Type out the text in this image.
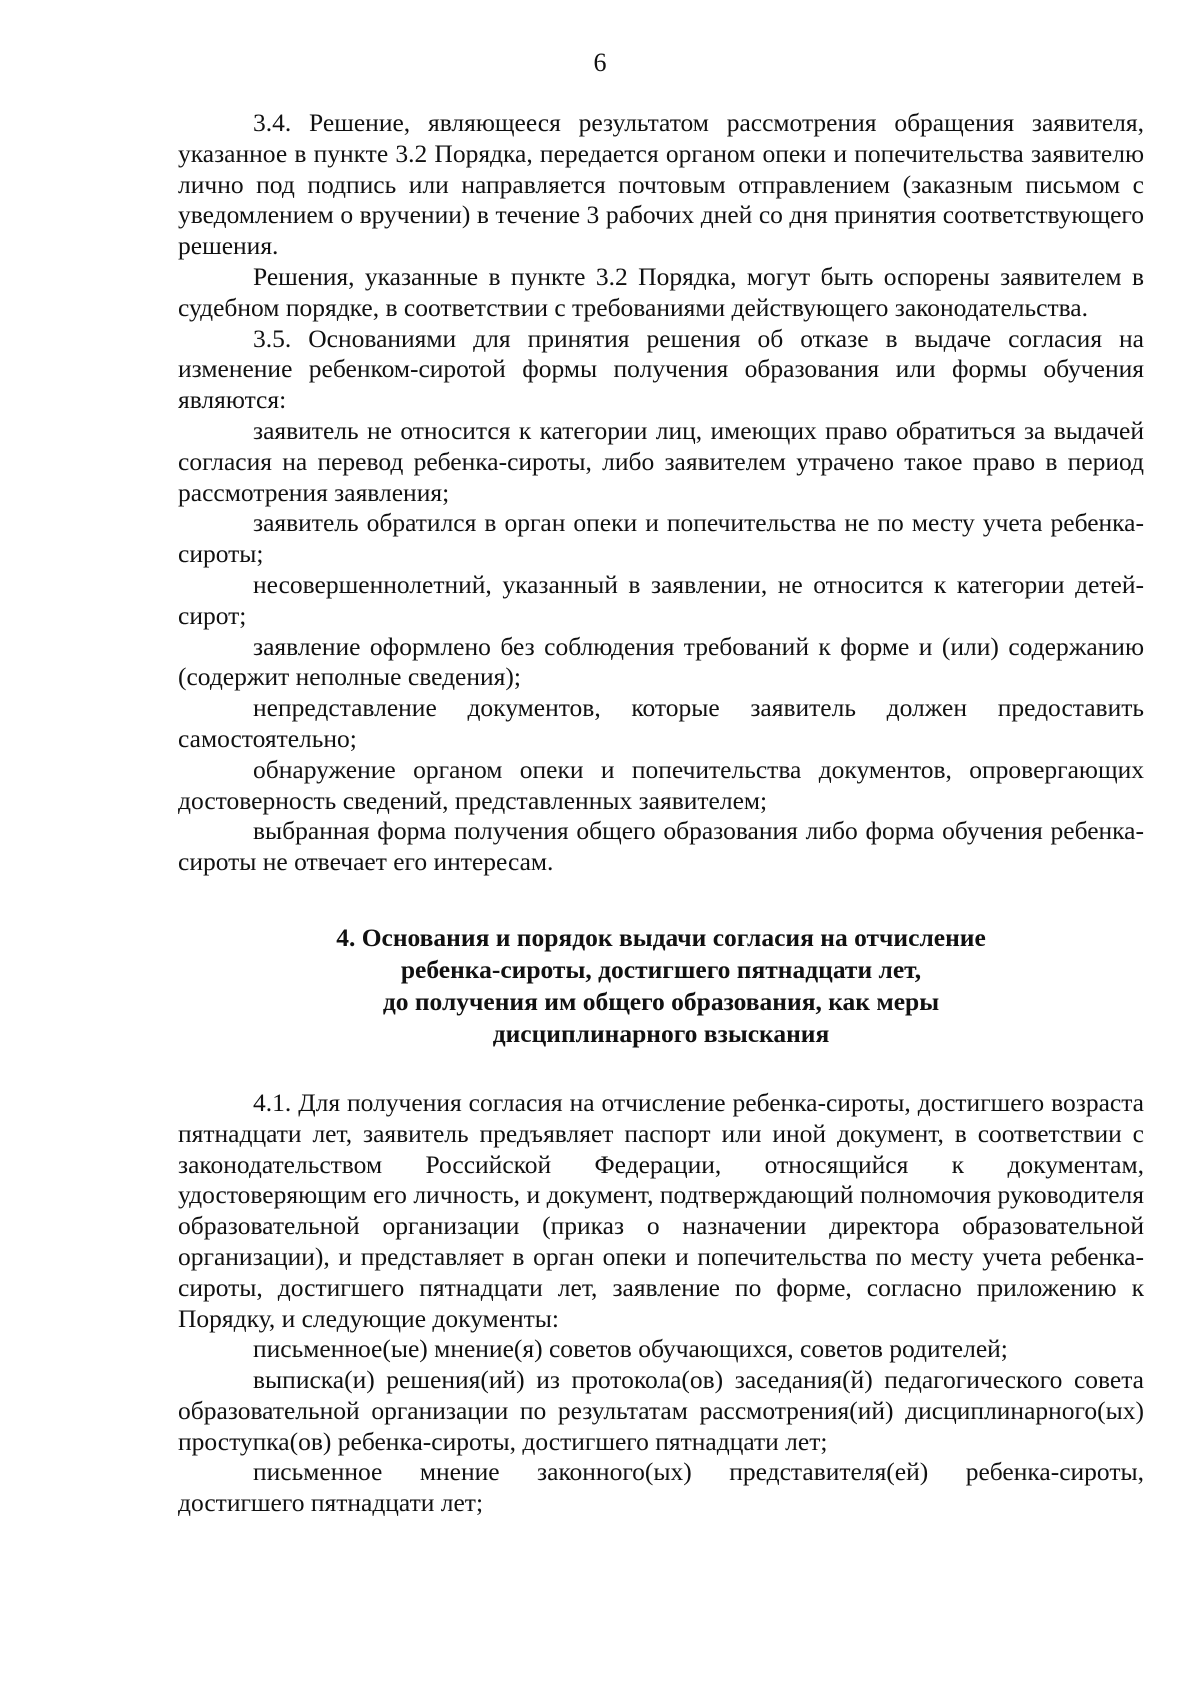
6

3.4. Решение, являющееся результатом рассмотрения обращения заявителя, указанное в пункте 3.2 Порядка, передается органом опеки и попечительства заявителю лично под подпись или направляется почтовым отправлением (заказным письмом с уведомлением о вручении) в течение 3 рабочих дней со дня принятия соответствующего решения.

Решения, указанные в пункте 3.2 Порядка, могут быть оспорены заявителем в судебном порядке, в соответствии с требованиями действующего законодательства.

3.5. Основаниями для принятия решения об отказе в выдаче согласия на изменение ребенком-сиротой формы получения образования или формы обучения являются:

заявитель не относится к категории лиц, имеющих право обратиться за выдачей согласия на перевод ребенка-сироты, либо заявителем утрачено такое право в период рассмотрения заявления;

заявитель обратился в орган опеки и попечительства не по месту учета ребенка-сироты;

несовершеннолетний, указанный в заявлении, не относится к категории детей-сирот;

заявление оформлено без соблюдения требований к форме и (или) содержанию (содержит неполные сведения);

непредставление документов, которые заявитель должен предоставить самостоятельно;

обнаружение органом опеки и попечительства документов, опровергающих достоверность сведений, представленных заявителем;

выбранная форма получения общего образования либо форма обучения ребенка-сироты не отвечает его интересам.

4. Основания и порядок выдачи согласия на отчисление
ребенка-сироты, достигшего пятнадцати лет,
до получения им общего образования, как меры
дисциплинарного взыскания

4.1. Для получения согласия на отчисление ребенка-сироты, достигшего возраста пятнадцати лет, заявитель предъявляет паспорт или иной документ, в соответствии с законодательством Российской Федерации, относящийся к документам, удостоверяющим его личность, и документ, подтверждающий полномочия руководителя образовательной организации (приказ о назначении директора образовательной организации), и представляет в орган опеки и попечительства по месту учета ребенка-сироты, достигшего пятнадцати лет, заявление по форме, согласно приложению к Порядку, и следующие документы:

письменное(ые) мнение(я) советов обучающихся, советов родителей;

выписка(и) решения(ий) из протокола(ов) заседания(й) педагогического совета образовательной организации по результатам рассмотрения(ий) дисциплинарного(ых) проступка(ов) ребенка-сироты, достигшего пятнадцати лет;

письменное мнение законного(ых) представителя(ей) ребенка-сироты, достигшего пятнадцати лет;
